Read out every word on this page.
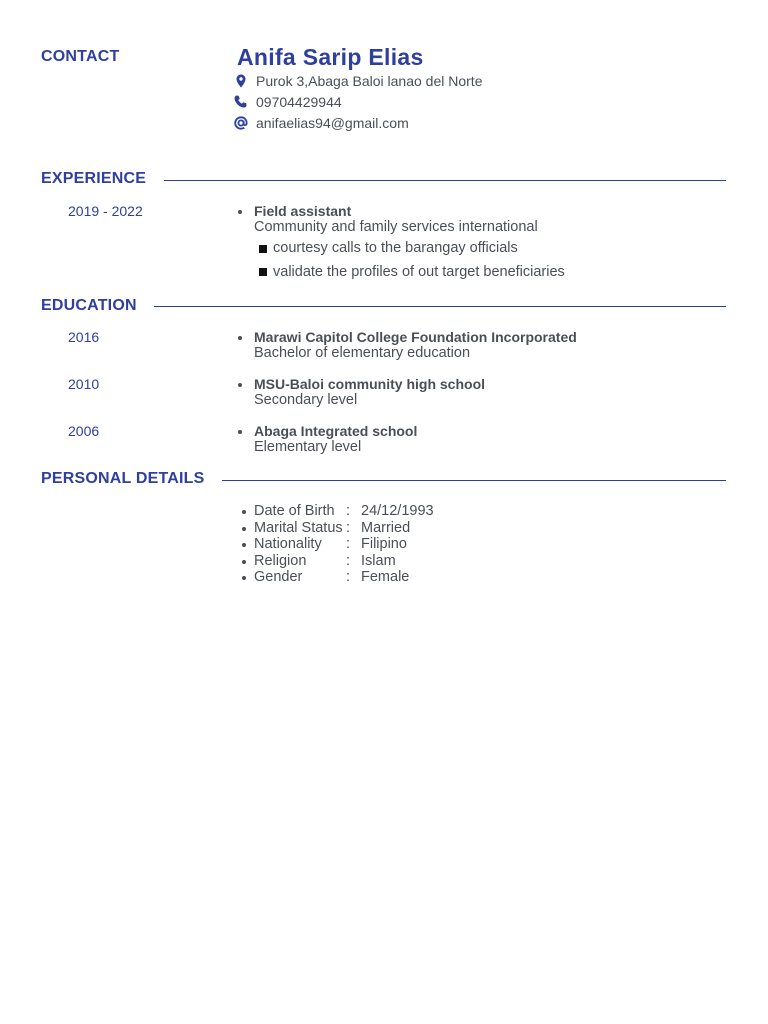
CONTACT	Anifa Sarip Elias
Purok 3,Abaga Baloi lanao del Norte
09704429944
anifaelias94@gmail.com
EXPERIENCE
2019 - 2022	Field assistant
Community and family services international
courtesy calls to the barangay officials
validate the profiles of out target beneficiaries
EDUCATION
2016	Marawi Capitol College Foundation Incorporated
Bachelor of elementary education
2010	MSU-Baloi community high school
Secondary level
2006	Abaga Integrated school
Elementary level
PERSONAL DETAILS
Date of Birth : 24/12/1993
Marital Status : Married
Nationality : Filipino
Religion	: Islam
Gender	: Female
